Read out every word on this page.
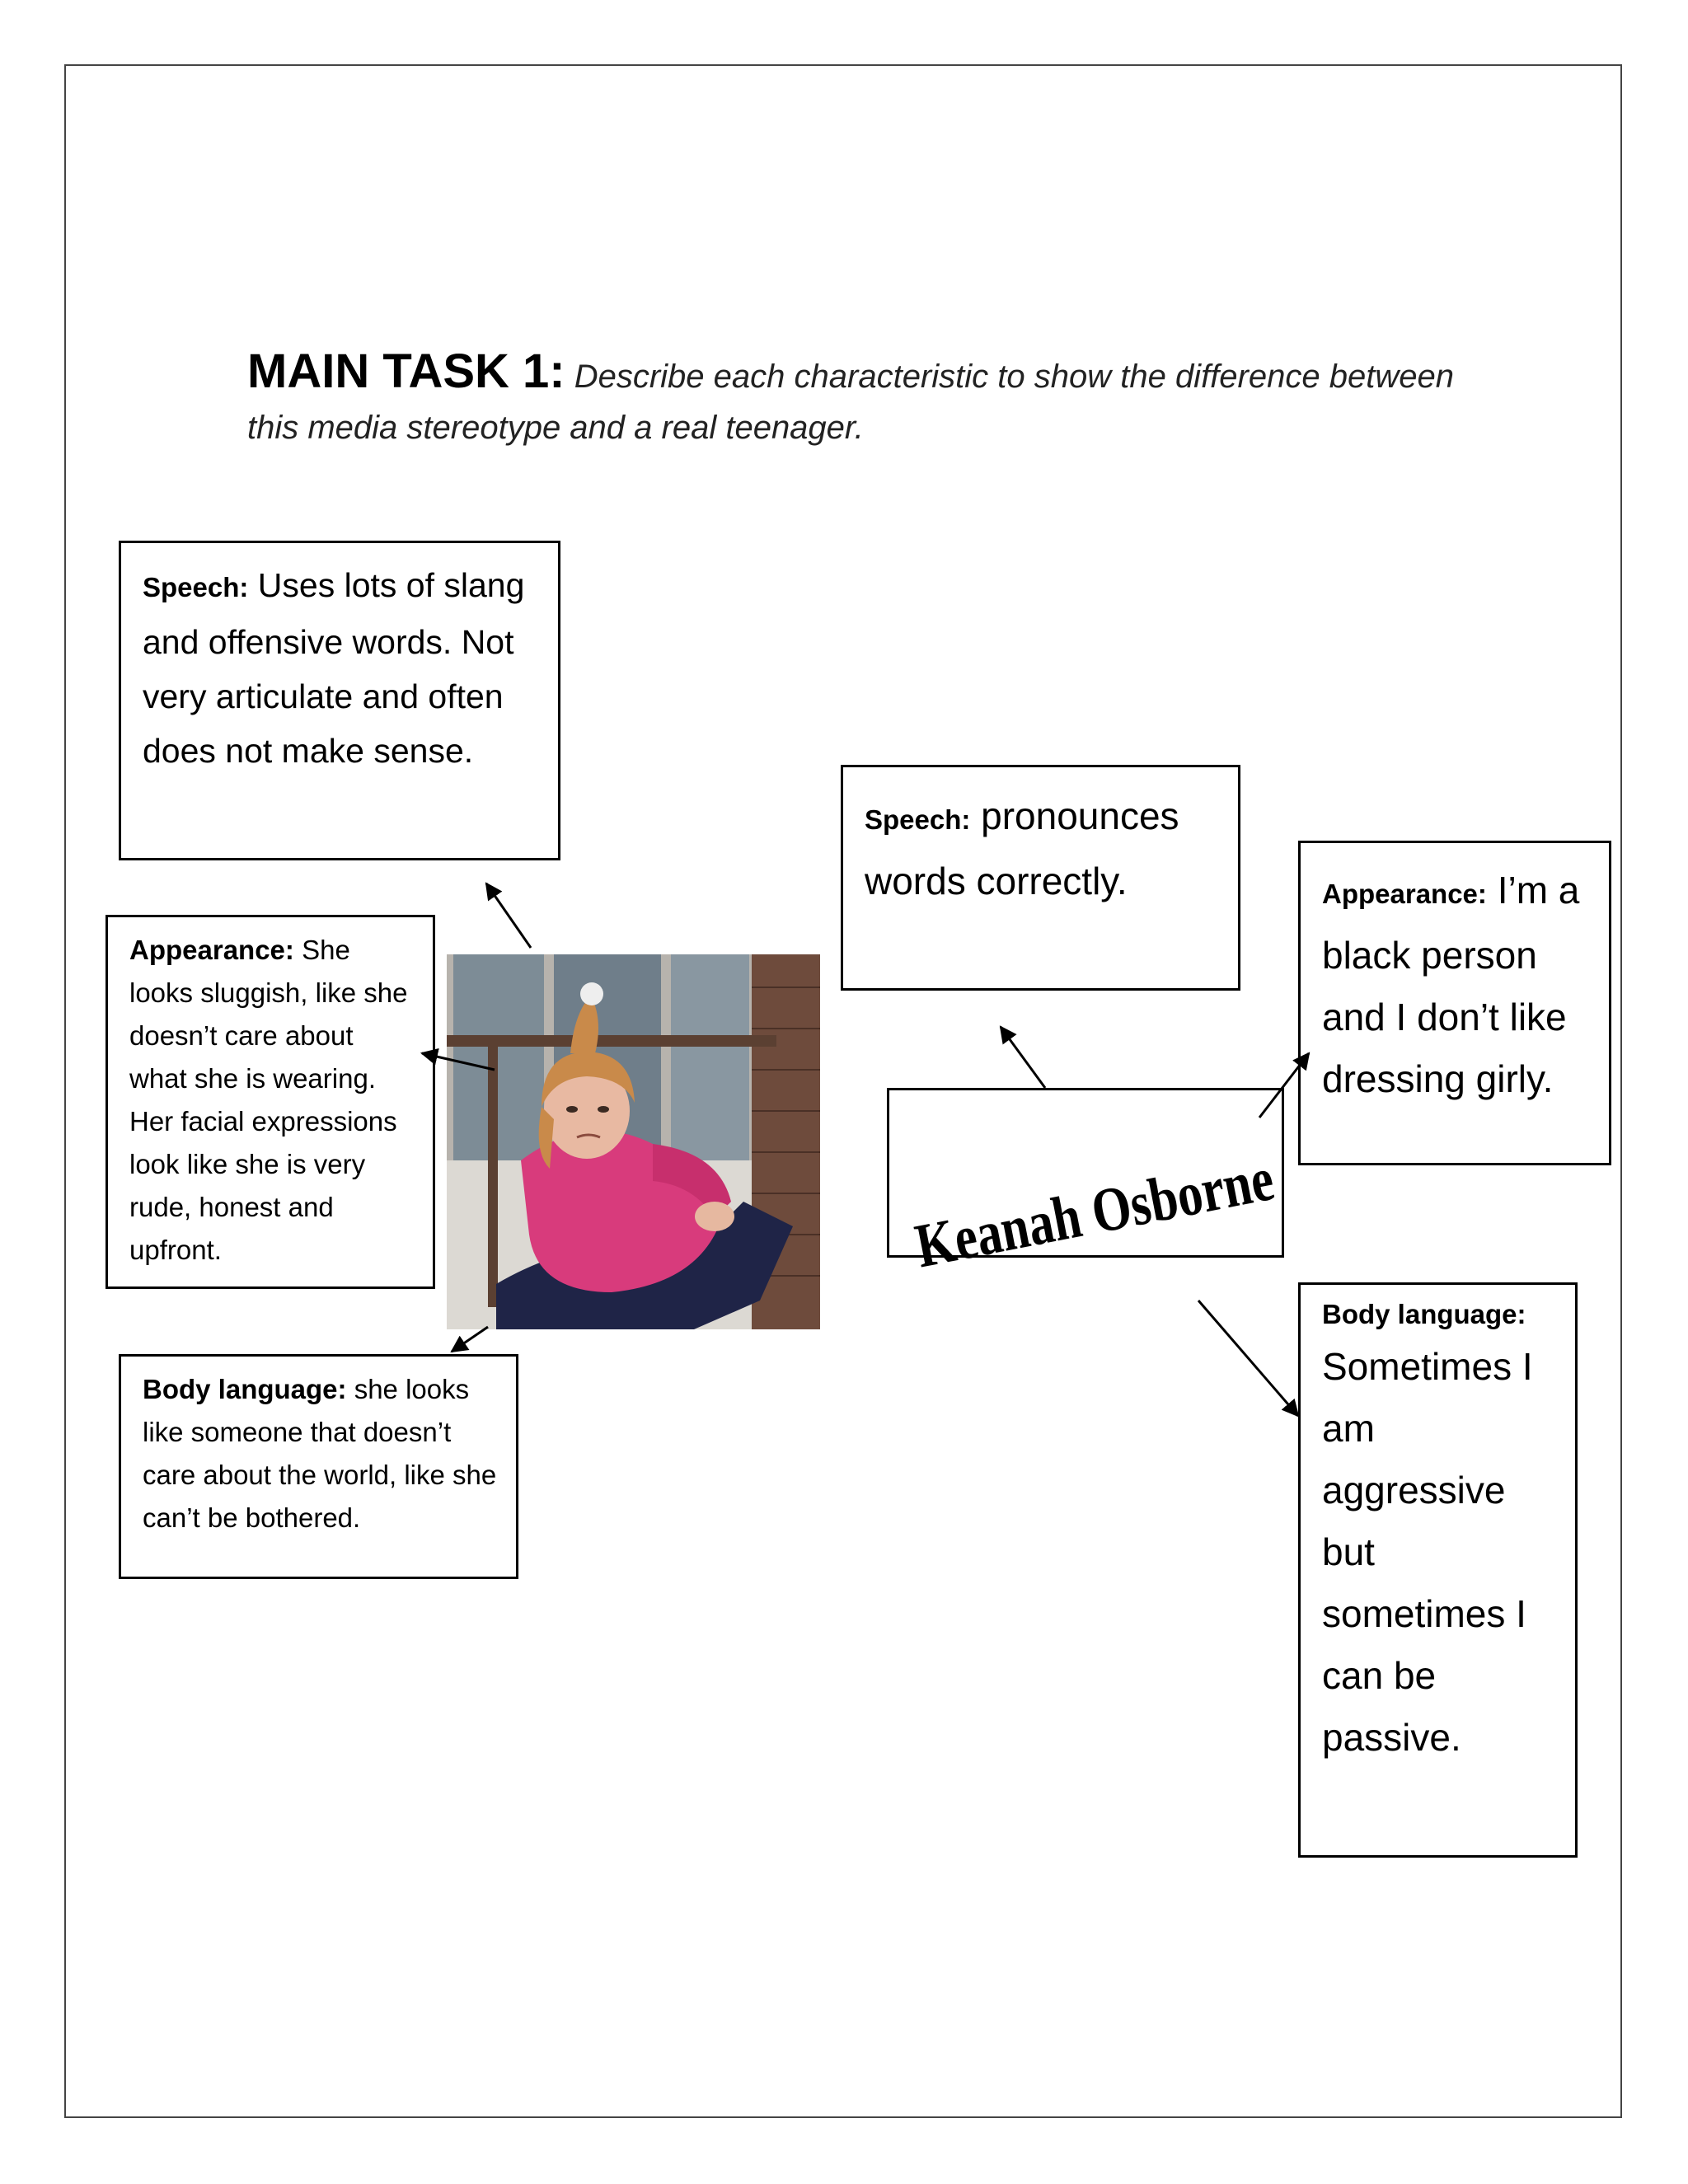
MAIN TASK 1: Describe each characteristic to show the difference between this media stereotype and a real teenager.
Speech: Uses lots of slang and offensive words. Not very articulate and often does not make sense.
Appearance: She looks sluggish, like she doesn’t care about what she is wearing. Her facial expressions look like she is very rude, honest and upfront.
Body language: she looks like someone that doesn’t care about the world, like she can’t be bothered.
Speech: pronounces words correctly.	Appearance: I’m a black person and I don’t like dressing girly.
Keanah Osborne
Body language:
Sometimes I am aggressive but sometimes I can be passive.
